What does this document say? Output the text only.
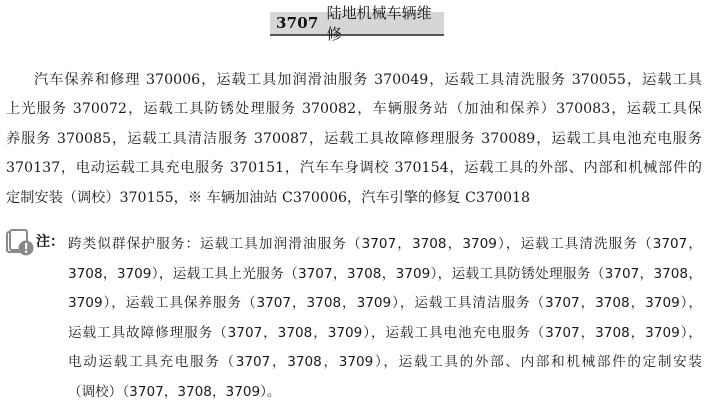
3707
陆地机械车辆维修
汽车保养和修理 370006，运载工具加润滑油服务 370049，运载工具清洗服务 370055，运载工具
上光服务 370072，运载工具防锈处理服务 370082，车辆服务站（加油和保养）370083，运载工具保
养服务 370085，运载工具清洁服务 370087，运载工具故障修理服务 370089，运载工具电池充电服务
370137，电动运载工具充电服务 370151，汽车车身调校 370154，运载工具的外部、内部和机械部件的
定制安装（调校）370155，※ 车辆加油站 C370006，汽车引擎的修复 C370018
注： 跨类似群保护服务：运载工具加润滑油服务（3707，3708，3709），运载工具清洗服务（3707，
3708，3709），运载工具上光服务（3707，3708，3709），运载工具防锈处理服务（3707，3708，
3709），运载工具保养服务（3707，3708，3709），运载工具清洁服务（3707，3708，3709），
运载工具故障修理服务（3707，3708，3709），运载工具电池充电服务（3707，3708，3709），
电动运载工具充电服务（3707，3708，3709），运载工具的外部、内部和机械部件的定制安装
（调校）（3707，3708，3709）。
